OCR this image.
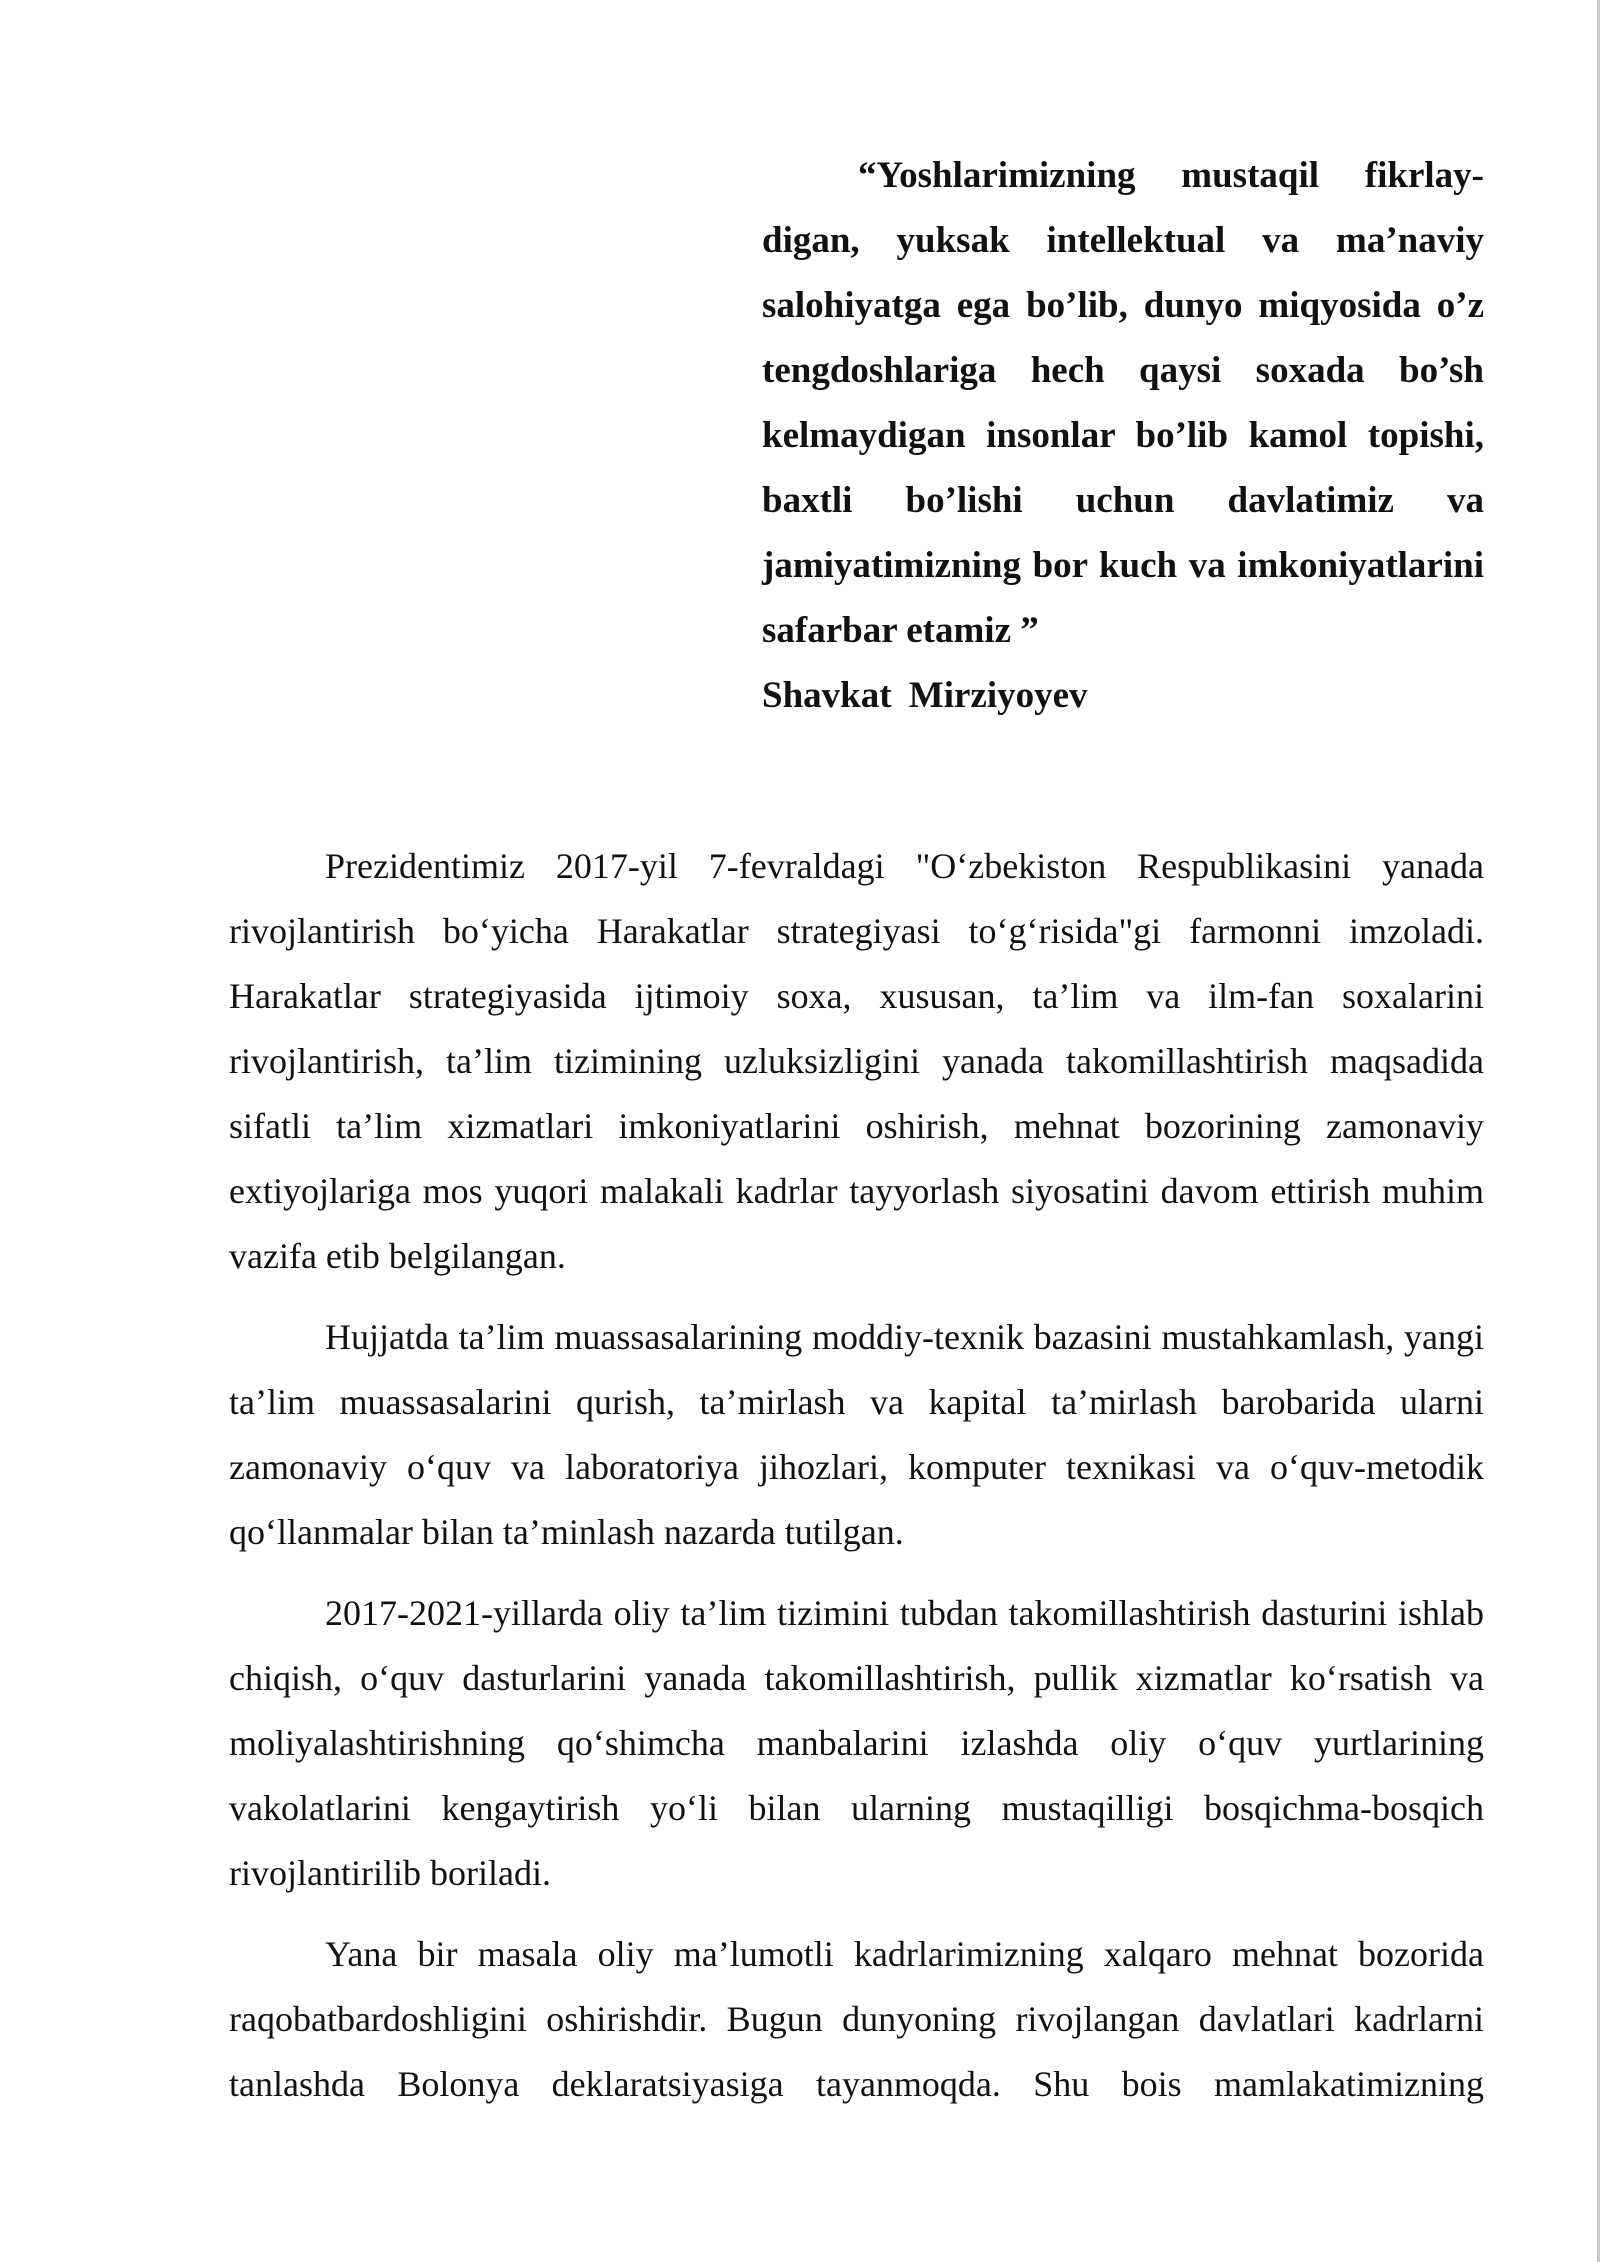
“Yoshlarimizning mustaqil fikrlay-digan, yuksak intellektual va ma’naviy salohiyatga ega bo’lib, dunyo miqyosida o’z tengdoshlariga hech qaysi soxada bo’sh kelmaydigan insonlar bo’lib kamol topishi, baxtli bo’lishi uchun davlatimiz va jamiyatimizning bor kuch va imkoniyatlarini safarbar etamiz ”

Shavkat Mirziyoyev

Prezidentimiz 2017-yil 7-fevraldagi "O‘zbekiston Respublikasini yanada rivojlantirish bo‘yicha Harakatlar strategiyasi to‘g‘risida"gi farmonni imzoladi. Harakatlar strategiyasida ijtimoiy soxa, xususan, ta’lim va ilm-fan soxalarini rivojlantirish, ta’lim tizimining uzluksizligini yanada takomillashtirish maqsadida sifatli ta’lim xizmatlari imkoniyatlarini oshirish, mehnat bozorining zamonaviy extiyojlariga mos yuqori malakali kadrlar tayyorlash siyosatini davom ettirish muhim vazifa etib belgilangan.

Hujjatda ta’lim muassasalarining moddiy-texnik bazasini mustahkamlash, yangi ta’lim muassasalarini qurish, ta’mirlash va kapital ta’mirlash barobarida ularni zamonaviy o‘quv va laboratoriya jihozlari, komputer texnikasi va o‘quv-metodik qo‘llanmalar bilan ta’minlash nazarda tutilgan.

2017-2021-yillarda oliy ta’lim tizimini tubdan takomillashtirish dasturini ishlab chiqish, o‘quv dasturlarini yanada takomillashtirish, pullik xizmatlar ko‘rsatish va moliyalashtirishning qo‘shimcha manbalarini izlashda oliy o‘quv yurtlarining vakolatlarini kengaytirish yo‘li bilan ularning mustaqilligi bosqichma-bosqich rivojlantirilib boriladi.

Yana bir masala oliy ma’lumotli kadrlarimizning xalqaro mehnat bozorida raqobatbardoshligini oshirishdir. Bugun dunyoning rivojlangan davlatlari kadrlarni tanlashda Bolonya deklaratsiyasiga tayanmoqda. Shu bois mamlakatimizning
